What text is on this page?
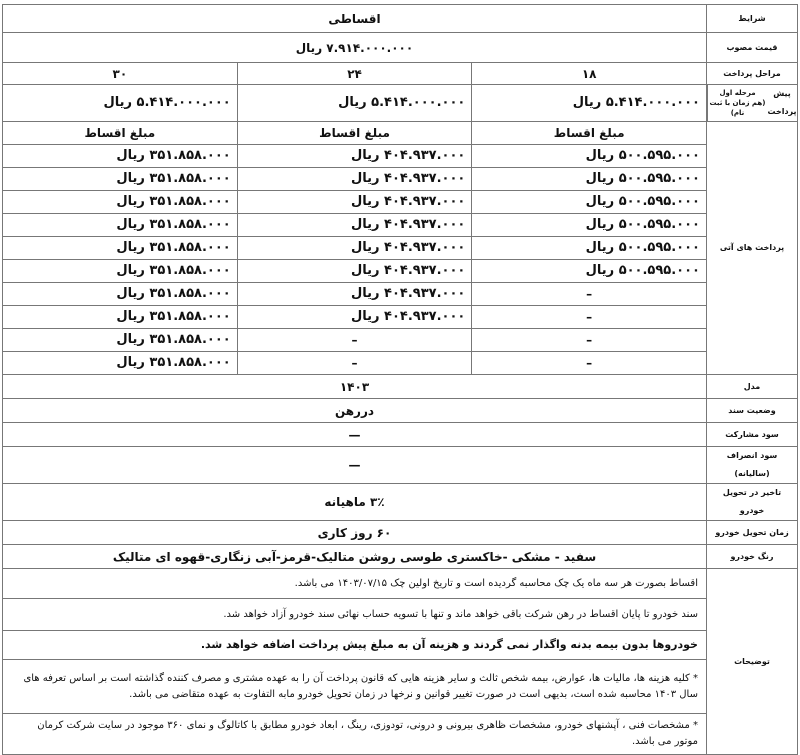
شرایط	اقساطی		
قیمت مصوب	۷.۹۱۴.۰۰۰.۰۰۰ ریال		
مراحل پرداخت	۱۸	۲۴	۳۰

پیش پرداخت
مرحله اول
(هم زمان با ثبت نام)	۵.۴۱۴.۰۰۰.۰۰۰ ریال	۵.۴۱۴.۰۰۰.۰۰۰ ریال	۵.۴۱۴.۰۰۰.۰۰۰ ریال
پرداخت های آتی	مبلغ اقساط	مبلغ اقساط	مبلغ اقساط
	۵۰۰.۵۹۵.۰۰۰ ریال	۴۰۴.۹۳۷.۰۰۰ ریال	۳۵۱.۸۵۸.۰۰۰ ریال
	۵۰۰.۵۹۵.۰۰۰ ریال	۴۰۴.۹۳۷.۰۰۰ ریال	۳۵۱.۸۵۸.۰۰۰ ریال
	۵۰۰.۵۹۵.۰۰۰ ریال	۴۰۴.۹۳۷.۰۰۰ ریال	۳۵۱.۸۵۸.۰۰۰ ریال
	۵۰۰.۵۹۵.۰۰۰ ریال	۴۰۴.۹۳۷.۰۰۰ ریال	۳۵۱.۸۵۸.۰۰۰ ریال
	۵۰۰.۵۹۵.۰۰۰ ریال	۴۰۴.۹۳۷.۰۰۰ ریال	۳۵۱.۸۵۸.۰۰۰ ریال
	۵۰۰.۵۹۵.۰۰۰ ریال	۴۰۴.۹۳۷.۰۰۰ ریال	۳۵۱.۸۵۸.۰۰۰ ریال
	–	۴۰۴.۹۳۷.۰۰۰ ریال	۳۵۱.۸۵۸.۰۰۰ ریال
	–	۴۰۴.۹۳۷.۰۰۰ ریال	۳۵۱.۸۵۸.۰۰۰ ریال
	–	–	۳۵۱.۸۵۸.۰۰۰ ریال
	–	–	۳۵۱.۸۵۸.۰۰۰ ریال
مدل	۱۴۰۳		
وضعیت سند	دررهن		
سود مشارکت	—		
سود انصراف (سالیانه)	—		
تاخیر در تحویل خودرو	۳٪ ماهیانه		
زمان تحویل خودرو	۶۰ روز کاری		
رنگ خودرو	سفید - مشکی -خاکستری طوسی روشن متالیک-قرمز-آبی زنگاری-قهوه ای متالیک		
توضیحات	اقساط بصورت هر سه ماه یک چک محاسبه گردیده است و تاریخ اولین چک ۱۴۰۳/۰۷/۱۵ می باشد.		
	سند خودرو تا پایان اقساط در رهن شرکت باقی خواهد ماند و تنها با تسویه حساب نهائی سند خودرو آزاد خواهد شد.		
	خودروها بدون بیمه بدنه واگذار نمی گردند و هزینه آن به مبلغ پیش پرداخت اضافه خواهد شد.		
	* کلیه هزینه ها، مالیات ها، عوارض، بیمه شخص ثالث و سایر هزینه هایی که قانون پرداخت آن را به عهده مشتری و مصرف کننده گذاشته است بر اساس تعرفه های سال ۱۴۰۳ محاسبه شده است، بدیهی است در صورت تغییر قوانین و نرخها در زمان تحویل خودرو مابه التفاوت به عهده متقاضی می باشد.		
	* مشخصات فنی ، آپشنهای خودرو، مشخصات ظاهری بیرونی و درونی، تودوزی، رینگ ، ابعاد خودرو مطابق با کاتالوگ و نمای ۳۶۰ موجود در سایت شرکت کرمان موتور می باشد.		
